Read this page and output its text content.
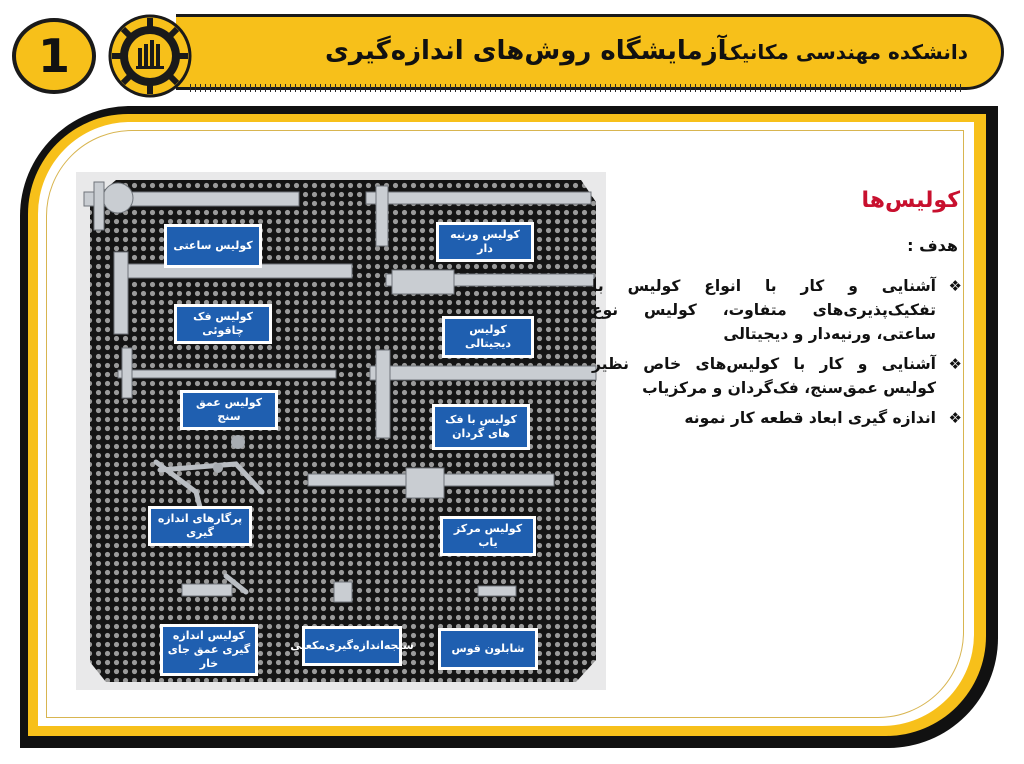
1	آزمایشگاه روش‌های اندازه‌گیری
دانشکده مهندسی مکانیک
کولیس ساعتی
کولیس ورنیه دار
کولیس فک چاقوئی	کولیس دیجیتالی
کولیس عمق سنج	کولیس با فک های گردان
پرگارهای اندازه گیری	کولیس مرکز یاب
کولیس اندازه گیری عمق جای خار
سنجه‌اندازه‌گیری‌مکعبی	شابلون قوس
کولیس‌ها
هدف :
❖
آشنایی و کار با انواع کولیس با تفکیک‌پذیری‌های متفاوت، کولیس نوع ساعتی، ورنیه‌دار و دیجیتالی
❖
آشنایی و کار با کولیس‌های خاص نظیر کولیس عمق‌سنج، فک‌گردان و مرکزیاب
❖
اندازه گیری ابعاد قطعه کار نمونه
